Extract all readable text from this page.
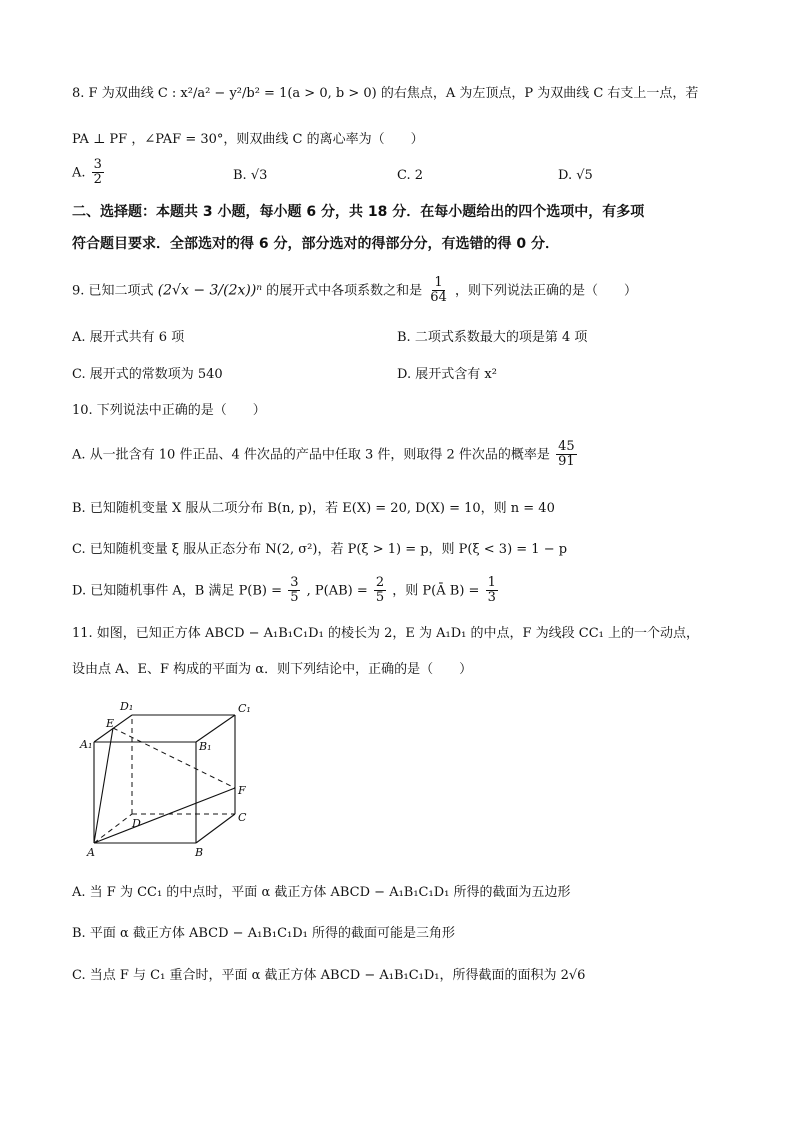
8. F 为双曲线 C : x²/a² − y²/b² = 1(a > 0, b > 0) 的右焦点，A 为左顶点，P 为双曲线 C 右支上一点，若
PA ⊥ PF ，∠PAF = 30°，则双曲线 C 的离心率为（　　）
A. $\frac{3}{2}$	B. √3	C. 2	D. √5
二、选择题：本题共 3 小题，每小题 6 分，共 18 分．在每小题给出的四个选项中，有多项
符合题目要求．全部选对的得 6 分，部分选对的得部分分，有选错的得 0 分．
9. 已知二项式 (2√x − 3/(2x))ⁿ 的展开式中各项系数之和是 $\frac{1}{64}$ ，则下列说法正确的是（　　）
A. 展开式共有 6 项	B. 二项式系数最大的项是第 4 项
C. 展开式的常数项为 540	D. 展开式含有 x²
10. 下列说法中正确的是（　　）
A. 从一批含有 10 件正品、4 件次品的产品中任取 3 件，则取得 2 件次品的概率是 $\frac{45}{91}$
B. 已知随机变量 X 服从二项分布 B(n, p)，若 E(X) = 20, D(X) = 10，则 n = 40
C. 已知随机变量 ξ 服从正态分布 N(2, σ²)，若 P(ξ > 1) = p，则 P(ξ < 3) = 1 − p
D. 已知随机事件 A，B 满足 $P(B) = \frac{3}{5}$ , $P(AB) = \frac{2}{5}$ ，则 P(Ā $B) = \frac{1}{3}$
11. 如图，已知正方体 ABCD − A₁B₁C₁D₁ 的棱长为 2，E 为 A₁D₁ 的中点，F 为线段 CC₁ 上的一个动点，
设由点 A、E、F 构成的平面为 α．则下列结论中，正确的是（　　）
D₁	C₁
E
A₁	B₁
F
D	C
A	B
A. 当 F 为 CC₁ 的中点时，平面 α 截正方体 ABCD − A₁B₁C₁D₁ 所得的截面为五边形
B. 平面 α 截正方体 ABCD − A₁B₁C₁D₁ 所得的截面可能是三角形
C. 当点 F 与 C₁ 重合时，平面 α 截正方体 ABCD − A₁B₁C₁D₁，所得截面的面积为 2√6
